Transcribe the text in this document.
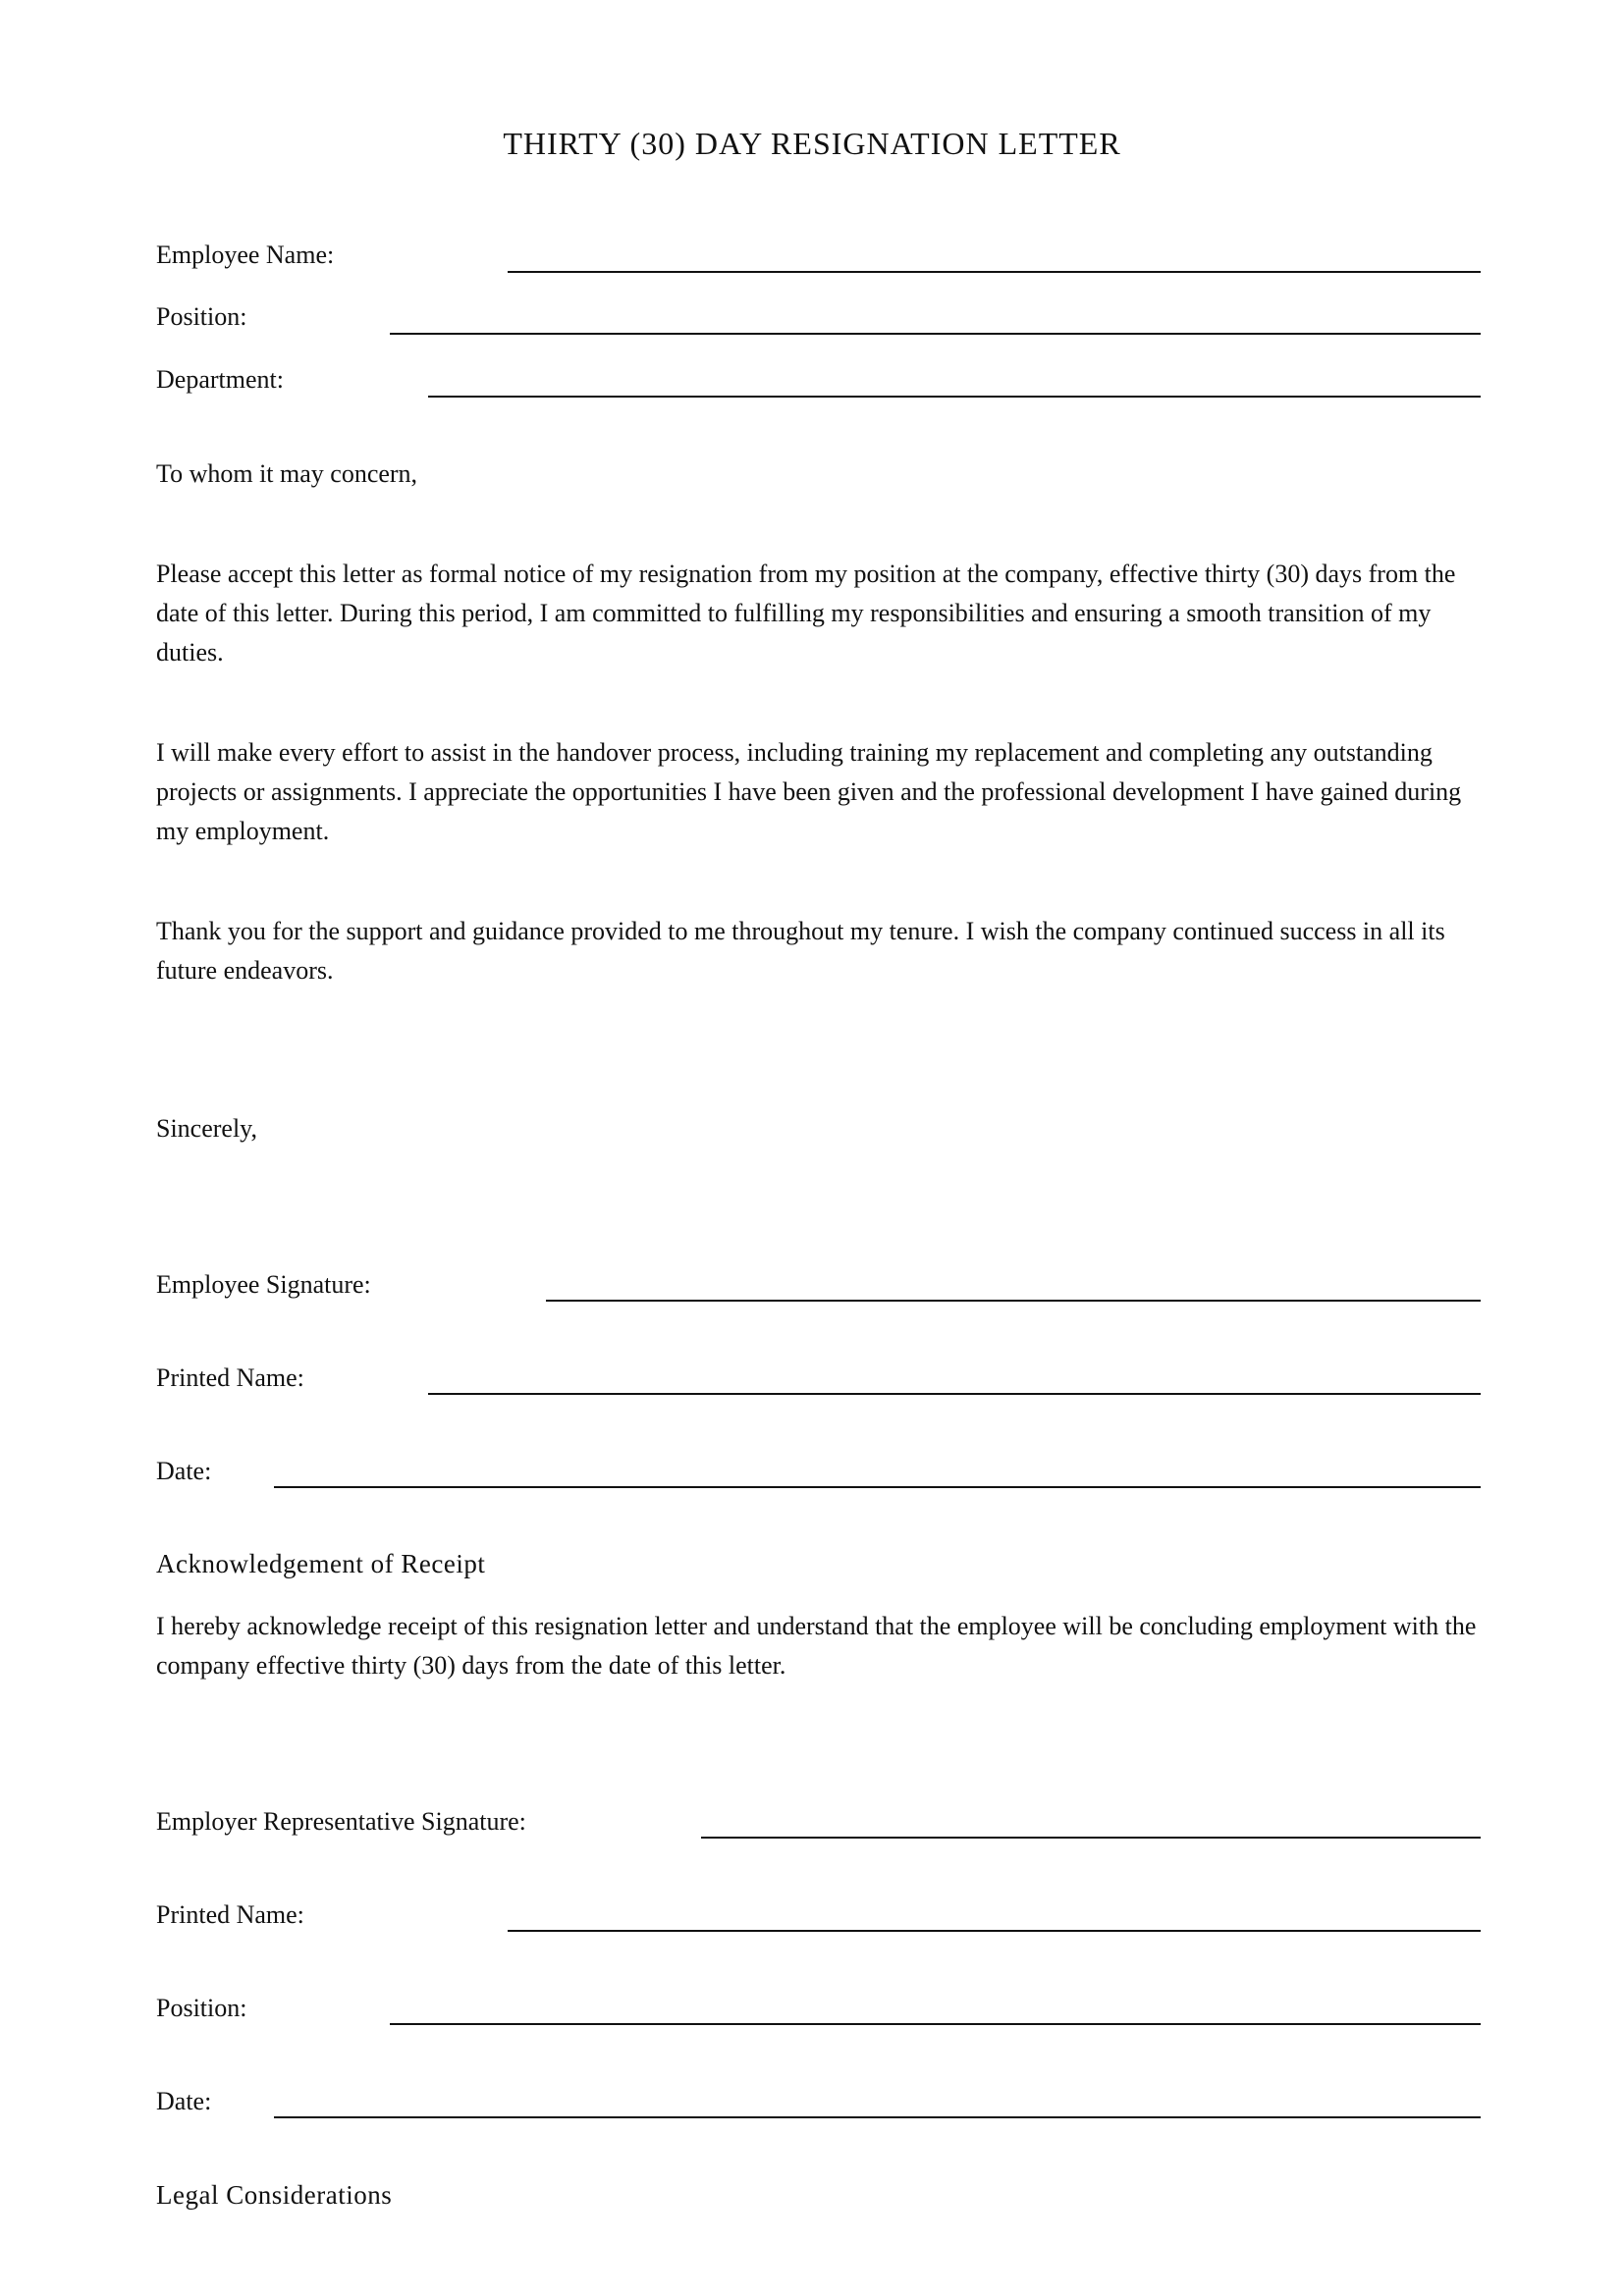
THIRTY (30) DAY RESIGNATION LETTER
Employee Name:
Position:
Department:
To whom it may concern,
Please accept this letter as formal notice of my resignation from my position at the company, effective thirty (30) days from the date of this letter. During this period, I am committed to fulfilling my responsibilities and ensuring a smooth transition of my duties.
I will make every effort to assist in the handover process, including training my replacement and completing any outstanding projects or assignments. I appreciate the opportunities I have been given and the professional development I have gained during my employment.
Thank you for the support and guidance provided to me throughout my tenure. I wish the company continued success in all its future endeavors.
Sincerely,
Employee Signature:
Printed Name:
Date:
Acknowledgement of Receipt
I hereby acknowledge receipt of this resignation letter and understand that the employee will be concluding employment with the company effective thirty (30) days from the date of this letter.
Employer Representative Signature:
Printed Name:
Position:
Date:
Legal Considerations
